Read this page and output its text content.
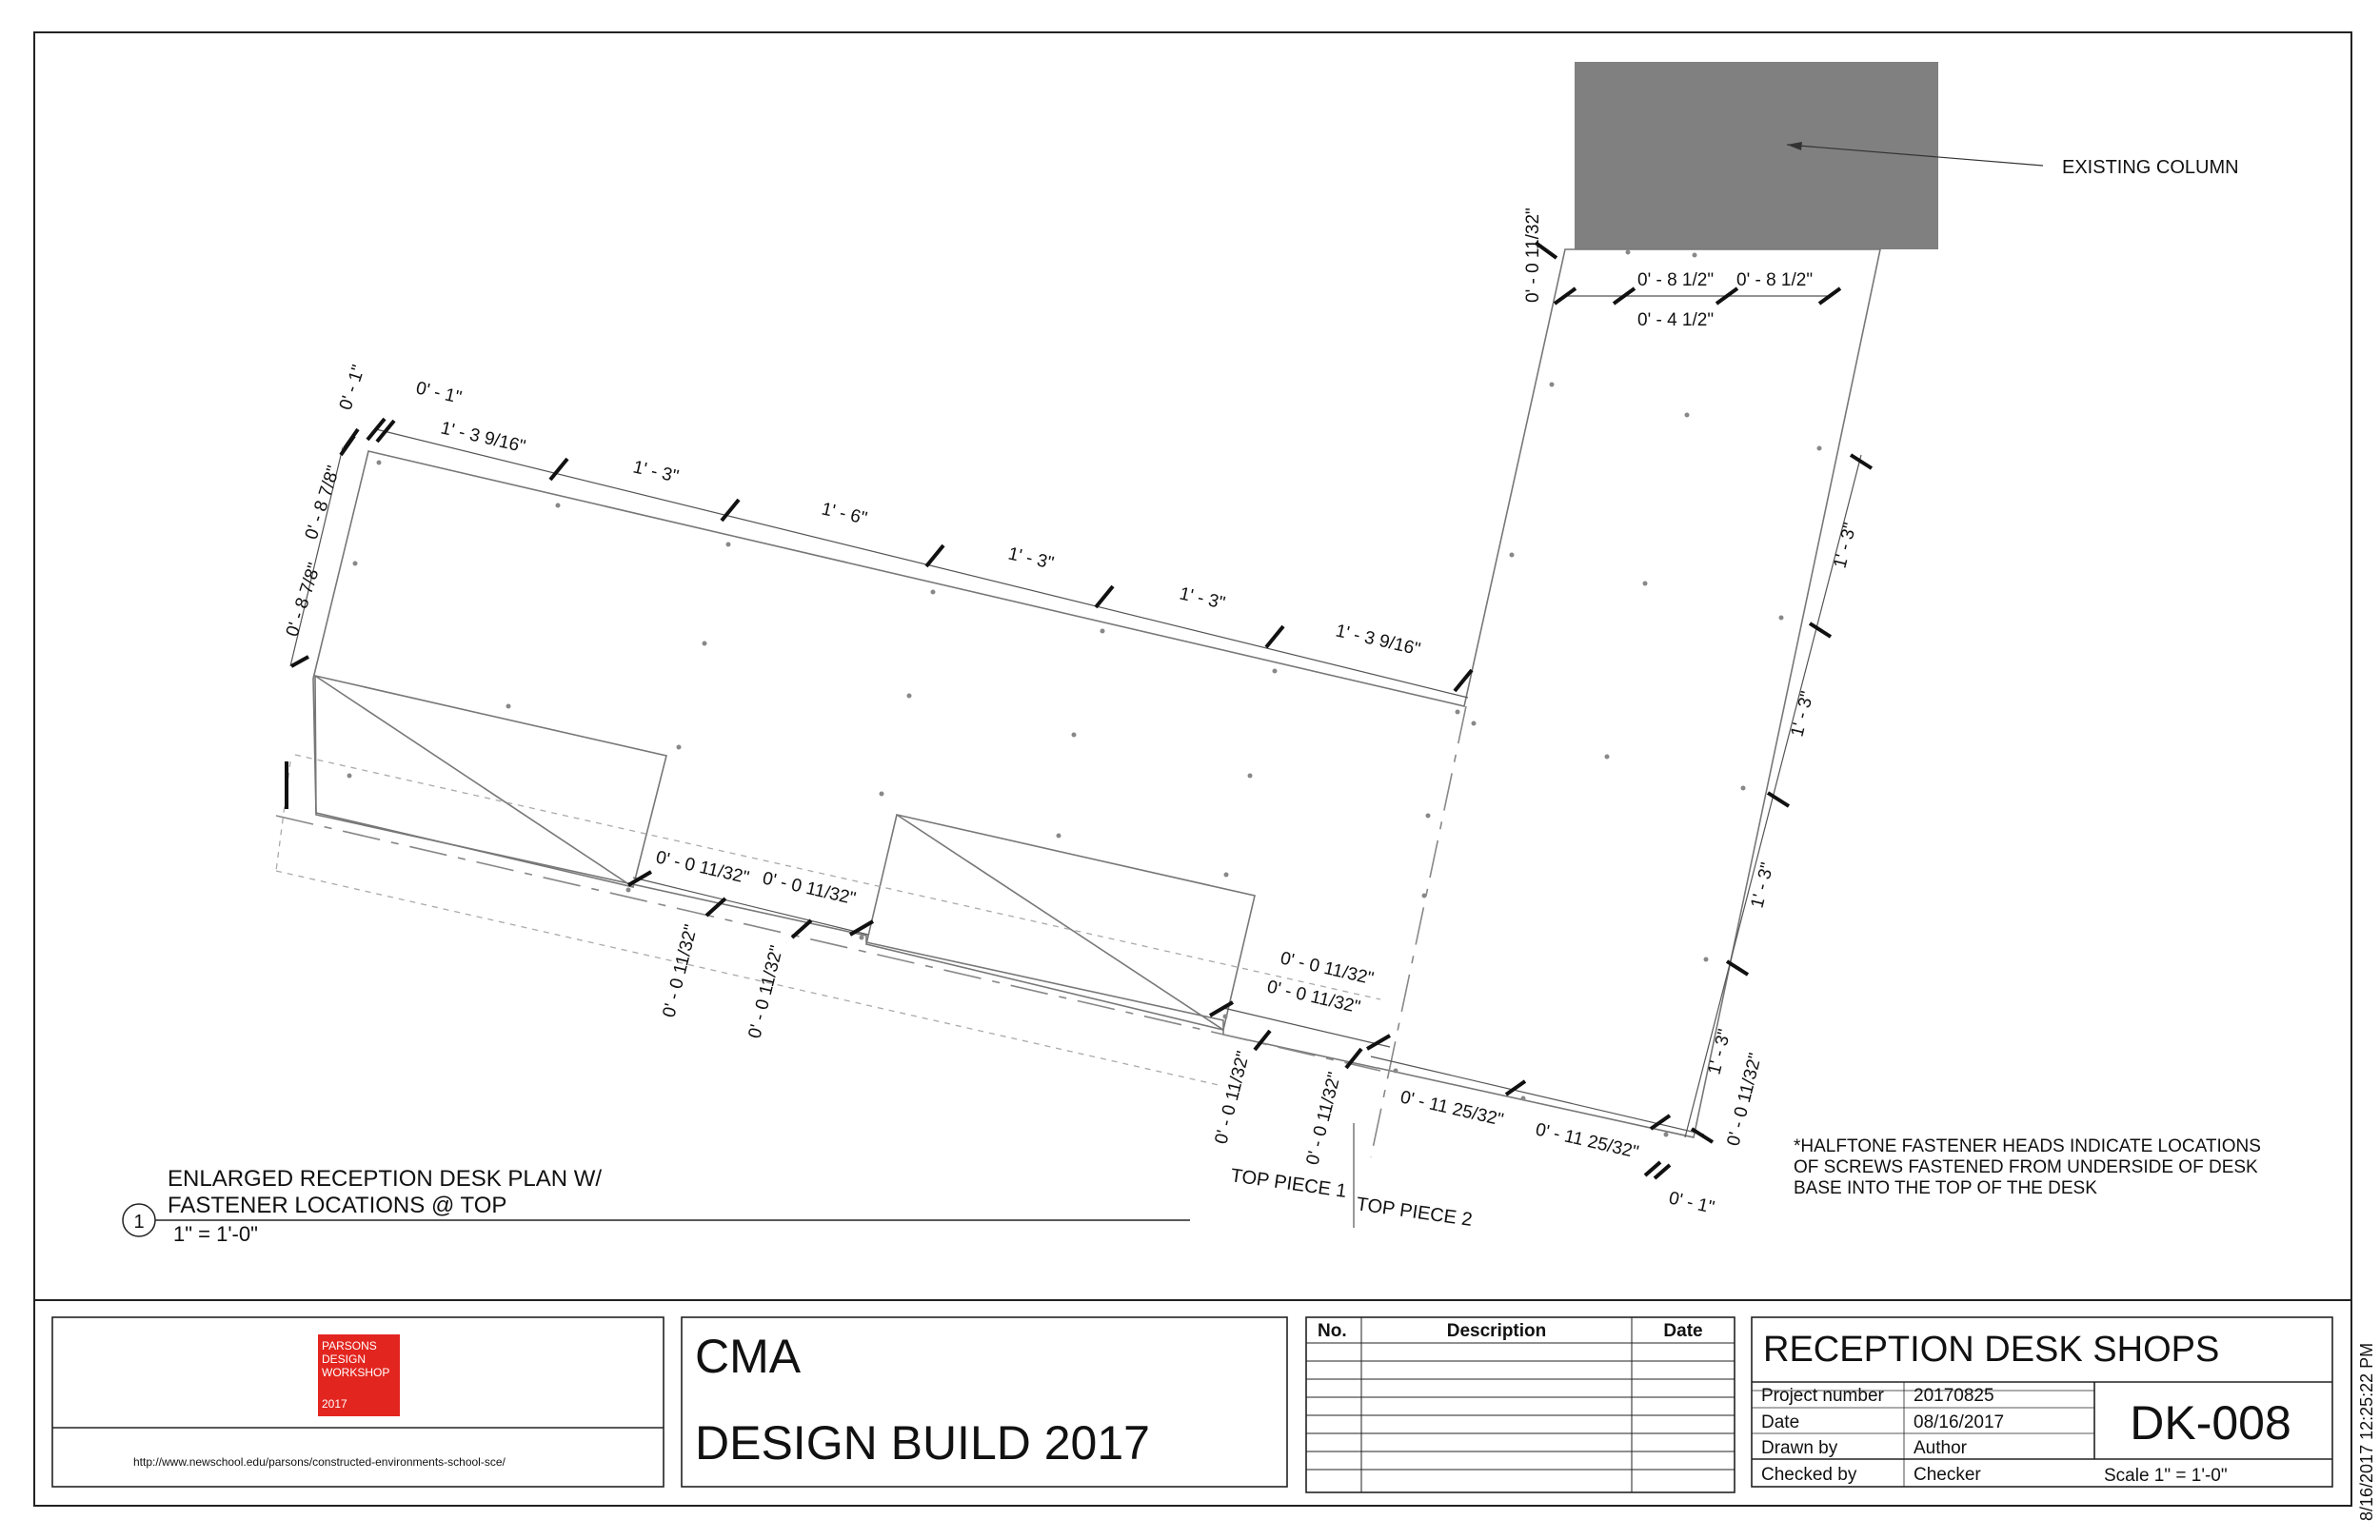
EXISTING COLUMN
0' - 8 1/2" 0' - 8 1/2"
0' - 4 1/2"
0' - 0 11/32"
0' - 1"
0' - 1"
1' - 3 9/16"
1' - 3"
1' - 6"
1' - 3"
1' - 3"
1' - 3 9/16"
0' - 8 7/8"
0' - 8 7/8"
1' - 3"
1' - 3"
1' - 3"
1' - 3"
0' - 0 11/32"
0' - 0 11/32"
0' - 0 11/32"
0' - 0 11/32" 0' - 0 11/32"	0' - 0 11/32"
0' - 0 11/32"
0' - 0 11/32"	0' - 0 11/32"	0' - 11 25/32"
0' - 11 25/32"
0' - 1"
TOP PIECE 1
TOP PIECE 2
*HALFTONE FASTENER HEADS INDICATE LOCATIONS
OF SCREWS FASTENED FROM UNDERSIDE OF DESK
BASE INTO THE TOP OF THE DESK
1
ENLARGED RECEPTION DESK PLAN W/
FASTENER LOCATIONS @ TOP
1" = 1'-0"
No.	Description	Date
CMA
DESIGN BUILD 2017
http://www.newschool.edu/parsons/constructed-environments-school-sce/
RECEPTION DESK SHOPS
Project number 20170825
Date	08/16/2017
Drawn by	Author
Checked by	Checker
DK-008
Scale 1" = 1'-0"	8/16/2017 12:25:22 PM
PARSONS
DESIGN
WORKSHOP
2017
